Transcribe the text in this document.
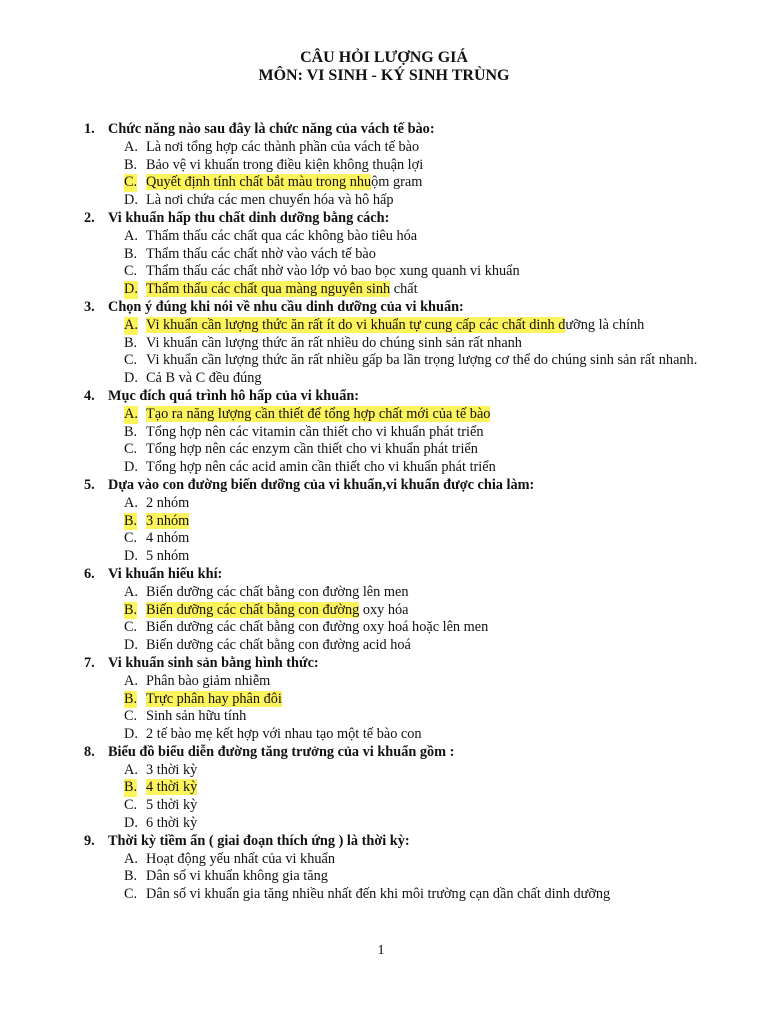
CÂU HỎI LƯỢNG GIÁ
MÔN: VI SINH - KÝ SINH TRÙNG
1. Chức năng nào sau đây là chức năng của vách tế bào:
A. Là nơi tổng hợp các thành phần của vách tế bào
B. Bảo vệ vi khuẩn trong điều kiện không thuận lợi
C. Quyết định tính chất bắt màu trong nhuộm gram
D. Là nơi chứa các men chuyển hóa và hô hấp
2. Vi khuẩn hấp thu chất dinh dưỡng bằng cách:
A. Thẩm thấu các chất qua các không bào tiêu hóa
B. Thẩm thấu các chất nhờ vào vách tế bào
C. Thẩm thấu các chất nhờ vào lớp vỏ bao bọc xung quanh vi khuẩn
D. Thẩm thấu các chất qua màng nguyên sinh chất
3. Chọn ý đúng khi nói về nhu cầu dinh dưỡng của vi khuẩn:
A. Vi khuẩn cần lượng thức ăn rất ít do vi khuẩn tự cung cấp các chất dinh dưỡng là chính
B. Vi khuẩn cần lượng thức ăn rất nhiều do chúng sinh sản rất nhanh
C. Vi khuẩn cần lượng thức ăn rất nhiều gấp ba lần trọng lượng cơ thể do chúng sinh sản rất nhanh.
D. Cả B và C đều đúng
4. Mục đích quá trình hô hấp của vi khuẩn:
A. Tạo ra năng lượng cần thiết để tổng hợp chất mới của tế bào
B. Tổng hợp nên các vitamin cần thiết cho vi khuẩn phát triển
C. Tổng hợp nên các enzym cần thiết cho vi khuẩn phát triển
D. Tổng hợp nên các acid amin cần thiết cho vi khuẩn phát triển
5. Dựa vào con đường biến dưỡng của vi khuẩn,vi khuẩn được chia làm:
A. 2 nhóm
B. 3 nhóm
C. 4 nhóm
D. 5 nhóm
6. Vi khuẩn hiếu khí:
A. Biến dưỡng các chất bằng con đường lên men
B. Biến dưỡng các chất bằng con đường oxy hóa
C. Biến dưỡng các chất bằng con đường oxy hoá hoặc lên men
D. Biến dưỡng các chất bằng con đường acid hoá
7. Vi khuẩn sinh sản bằng hình thức:
A. Phân bào giảm nhiễm
B. Trực phân hay phân đôi
C. Sinh sản hữu tính
D. 2 tế bào mẹ kết hợp với nhau tạo một tế bào con
8. Biểu đồ biểu diễn đường tăng trưởng của vi khuẩn gồm :
A. 3 thời kỳ
B. 4 thời kỳ
C. 5 thời kỳ
D. 6 thời kỳ
9. Thời kỳ tiềm ẩn ( giai đoạn thích ứng ) là thời kỳ:
A. Hoạt động yếu nhất của vi khuẩn
B. Dân số vi khuẩn không gia tăng
C. Dân số vi khuẩn gia tăng nhiều nhất đến khi môi trường cạn dần chất dinh dưỡng
1
